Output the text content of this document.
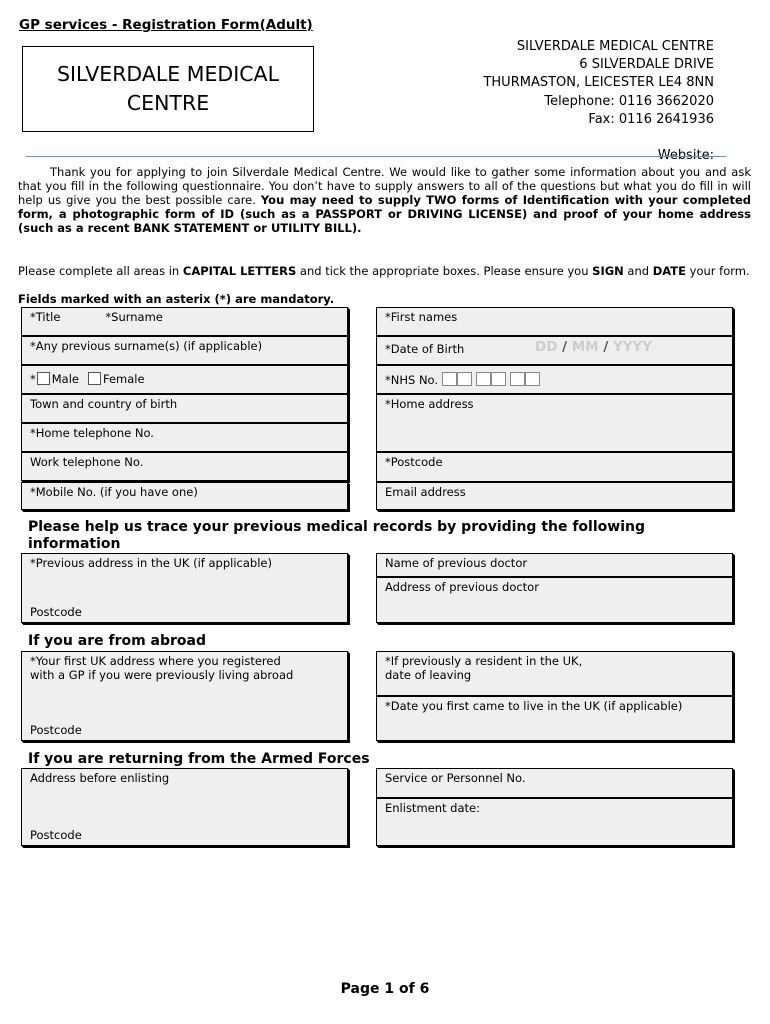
GP services - Registration Form(Adult)
SILVERDALE MEDICAL
CENTRE
SILVERDALE MEDICAL CENTRE
6 SILVERDALE DRIVE
THURMASTON, LEICESTER LE4 8NN
Telephone: 0116 3662020
Fax: 0116 2641936
Website:
Thank you for applying to join Silverdale Medical Centre. We would like to gather some information about you and ask that you fill in the following questionnaire. You don’t have to supply answers to all of the questions but what you do fill in will help us give you the best possible care. You may need to supply TWO forms of Identification with your completed form, a photographic form of ID (such as a PASSPORT or DRIVING LICENSE) and proof of your home address (such as a recent BANK STATEMENT or UTILITY BILL).
Please complete all areas in CAPITAL LETTERS and tick the appropriate boxes. Please ensure you SIGN and DATE your form.
Fields marked with an asterix (*) are mandatory.
*Title	*Surname
*Any previous surname(s) (if applicable)
* Male Female
Town and country of birth
*Home telephone No.
Work telephone No.
*Mobile No. (if you have one)
*First names
*Date of Birth	DD / MM / YYYY
*NHS No.
*Home address
*Postcode
Email address
Please help us trace your previous medical records by providing the following
information
*Previous address in the UK (if applicable)
Postcode
Name of previous doctor
Address of previous doctor
If you are from abroad
*Your first UK address where you registered
with a GP if you were previously living abroad
Postcode
*If previously a resident in the UK,
date of leaving
*Date you first came to live in the UK (if applicable)
If you are returning from the Armed Forces
Address before enlisting
Postcode
Service or Personnel No.
Enlistment date:
Page 1 of 6
